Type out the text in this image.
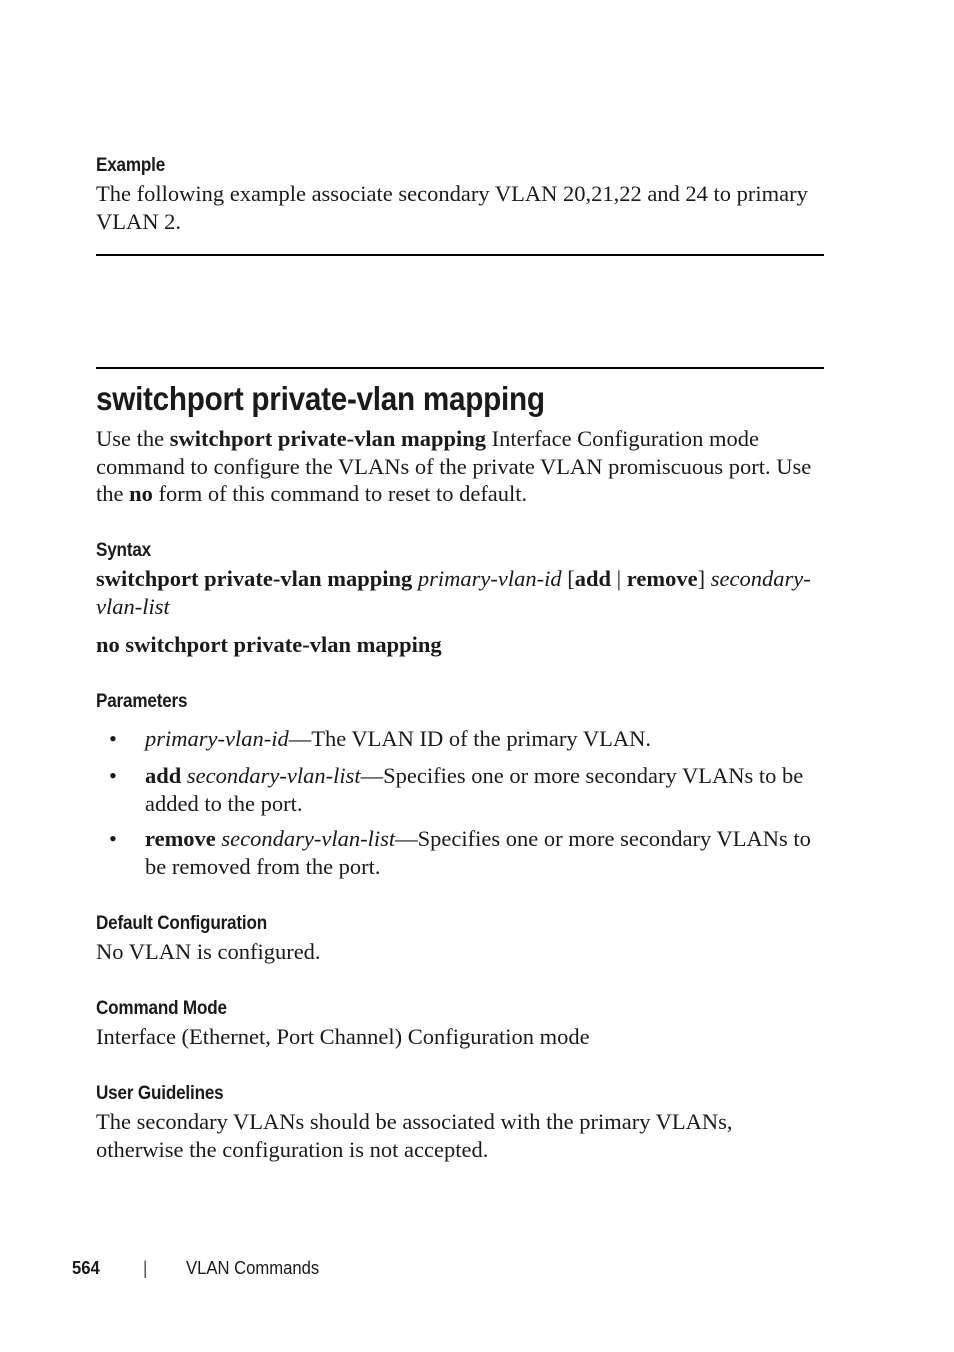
Example
The following example associate secondary VLAN 20,21,22 and 24 to primary VLAN 2.
switchport private-vlan mapping
Use the switchport private-vlan mapping Interface Configuration mode command to configure the VLANs of the private VLAN promiscuous port. Use the no form of this command to reset to default.
Syntax
switchport private-vlan mapping primary-vlan-id [add | remove] secondary-
vlan-list
no switchport private-vlan mapping
Parameters
• primary-vlan-id—The VLAN ID of the primary VLAN.
• add secondary-vlan-list—Specifies one or more secondary VLANs to be added to the port.
• remove secondary-vlan-list—Specifies one or more secondary VLANs to be removed from the port.
Default Configuration
No VLAN is configured.
Command Mode
Interface (Ethernet, Port Channel) Configuration mode
User Guidelines
The secondary VLANs should be associated with the primary VLANs, otherwise the configuration is not accepted.
564 | VLAN Commands
